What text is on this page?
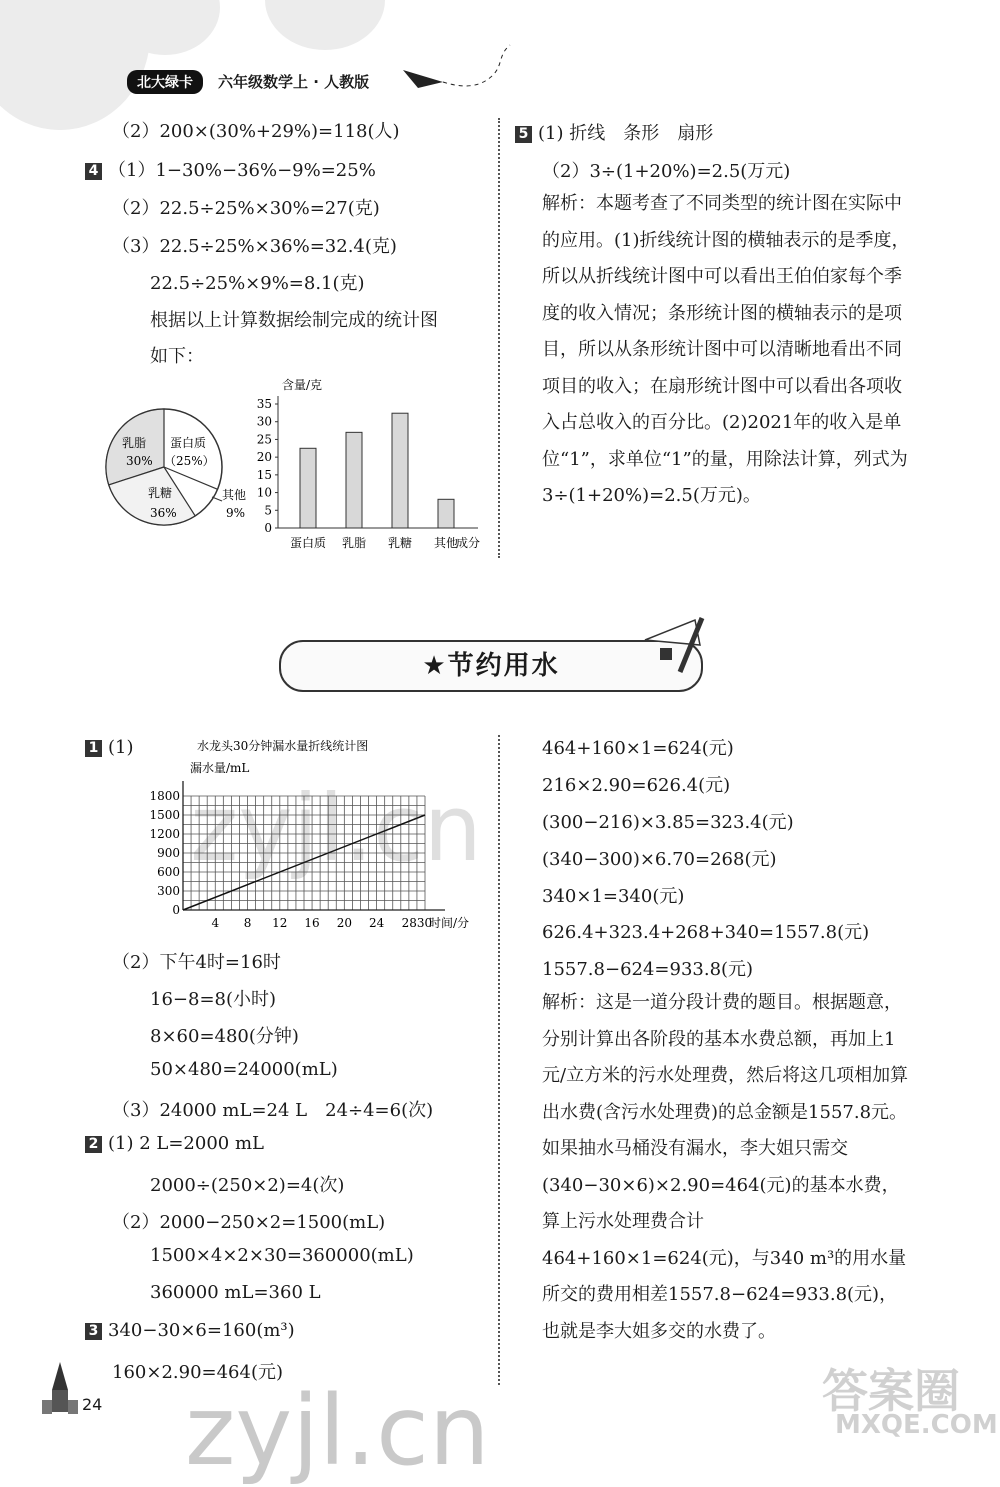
北大绿卡	六年级数学上 · 人教版
（2）200×(30%+29%)=118(人)
4 （1）1−30%−36%−9%=25%
（2）22.5÷25%×30%=27(克)
（3）22.5÷25%×36%=32.4(克)
22.5÷25%×9%=8.1(克)
根据以上计算数据绘制完成的统计图
如下：
乳脂
30%
蛋白质
（25%）
乳糖
36%
其他
9%
含量/克
成分
0
5
10
15
20
25
30
35
蛋白质 乳脂 乳糖 其他
5 (1) 折线　条形　扇形
（2）3÷(1+20%)=2.5(万元)
解析：本题考查了不同类型的统计图在实际中的应用。(1)折线统计图的横轴表示的是季度，所以从折线统计图中可以看出王伯伯家每个季度的收入情况；条形统计图的横轴表示的是项目，所以从条形统计图中可以清晰地看出不同项目的收入；在扇形统计图中可以看出各项收入占总收入的百分比。(2)2021年的收入是单位“1”，求单位“1”的量，用除法计算，列式为3÷(1+20%)=2.5(万元)。
★节约用水
1 (1)	水龙头30分钟漏水量折线统计图
漏水量/mL
时间/分
0
300
600
900
1200
1500
1800
4 8 12 16 20 24 2830
（2）下午4时=16时
16−8=8(小时)
8×60=480(分钟)
50×480=24000(mL)
（3）24000 mL=24 L　24÷4=6(次)
2 (1) 2 L=2000 mL
2000÷(250×2)=4(次)
（2）2000−250×2=1500(mL)
1500×4×2×30=360000(mL)
360000 mL=360 L
3 340−30×6=160(m³)
160×2.90=464(元)
464+160×1=624(元)
216×2.90=626.4(元)
(300−216)×3.85=323.4(元)
(340−300)×6.70=268(元)
340×1=340(元)
626.4+323.4+268+340=1557.8(元)
1557.8−624=933.8(元)
解析：这是一道分段计费的题目。根据题意，分别计算出各阶段的基本水费总额，再加上1元/立方米的污水处理费，然后将这几项相加算出水费(含污水处理费)的总金额是1557.8元。如果抽水马桶没有漏水，李大姐只需交(340−30×6)×2.90=464(元)的基本水费，算上污水处理费合计464+160×1=624(元)，与340 m³的用水量所交的费用相差1557.8−624=933.8(元)，也就是李大姐多交的水费了。
24
zyjl.cn
zyjl.cn	答案圈
MXQE.COM
